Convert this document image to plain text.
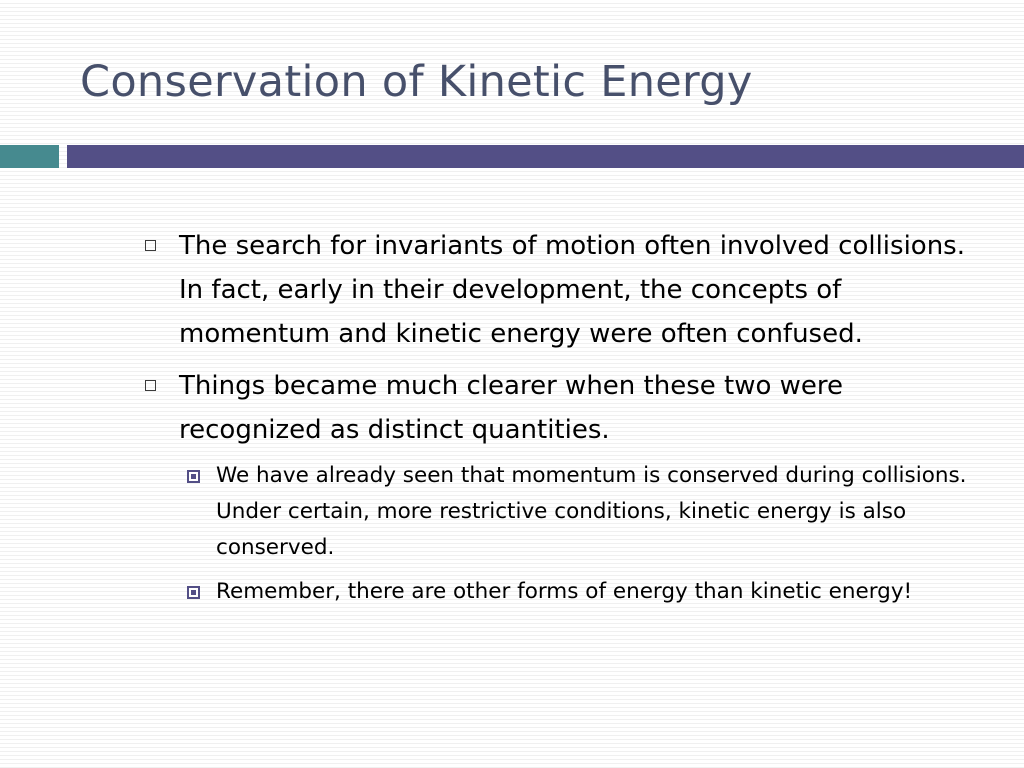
Conservation of Kinetic Energy
The search for invariants of motion often involved collisions. In fact, early in their development, the concepts of momentum and kinetic energy were often confused.
Things became much clearer when these two were recognized as distinct quantities.
We have already seen that momentum is conserved during collisions. Under certain, more restrictive conditions, kinetic energy is also conserved.
Remember, there are other forms of energy than kinetic energy!
